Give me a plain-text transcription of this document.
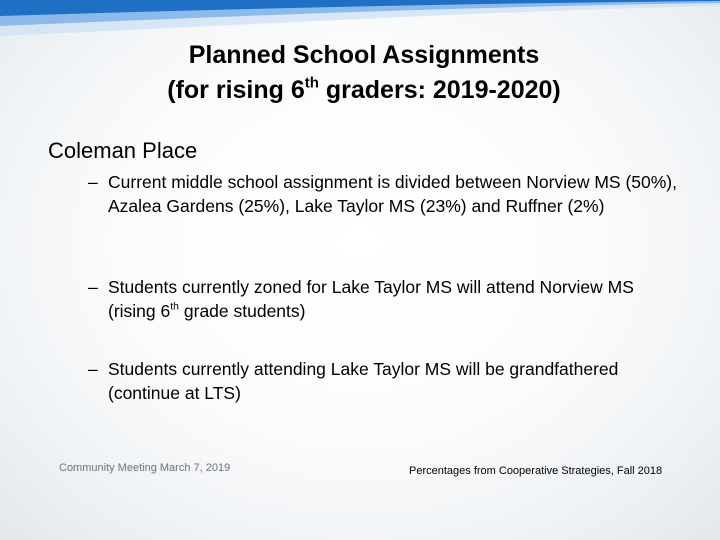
Planned School Assignments
(for rising 6th graders: 2019-2020)
Coleman Place
– Current middle school assignment is divided between Norview MS (50%), Azalea Gardens (25%), Lake Taylor MS (23%) and Ruffner (2%)
– Students currently zoned for Lake Taylor MS will attend Norview MS (rising 6th grade students)
– Students currently attending Lake Taylor MS will be grandfathered (continue at LTS)
Community Meeting March 7, 2019	Percentages from Cooperative Strategies, Fall 2018
